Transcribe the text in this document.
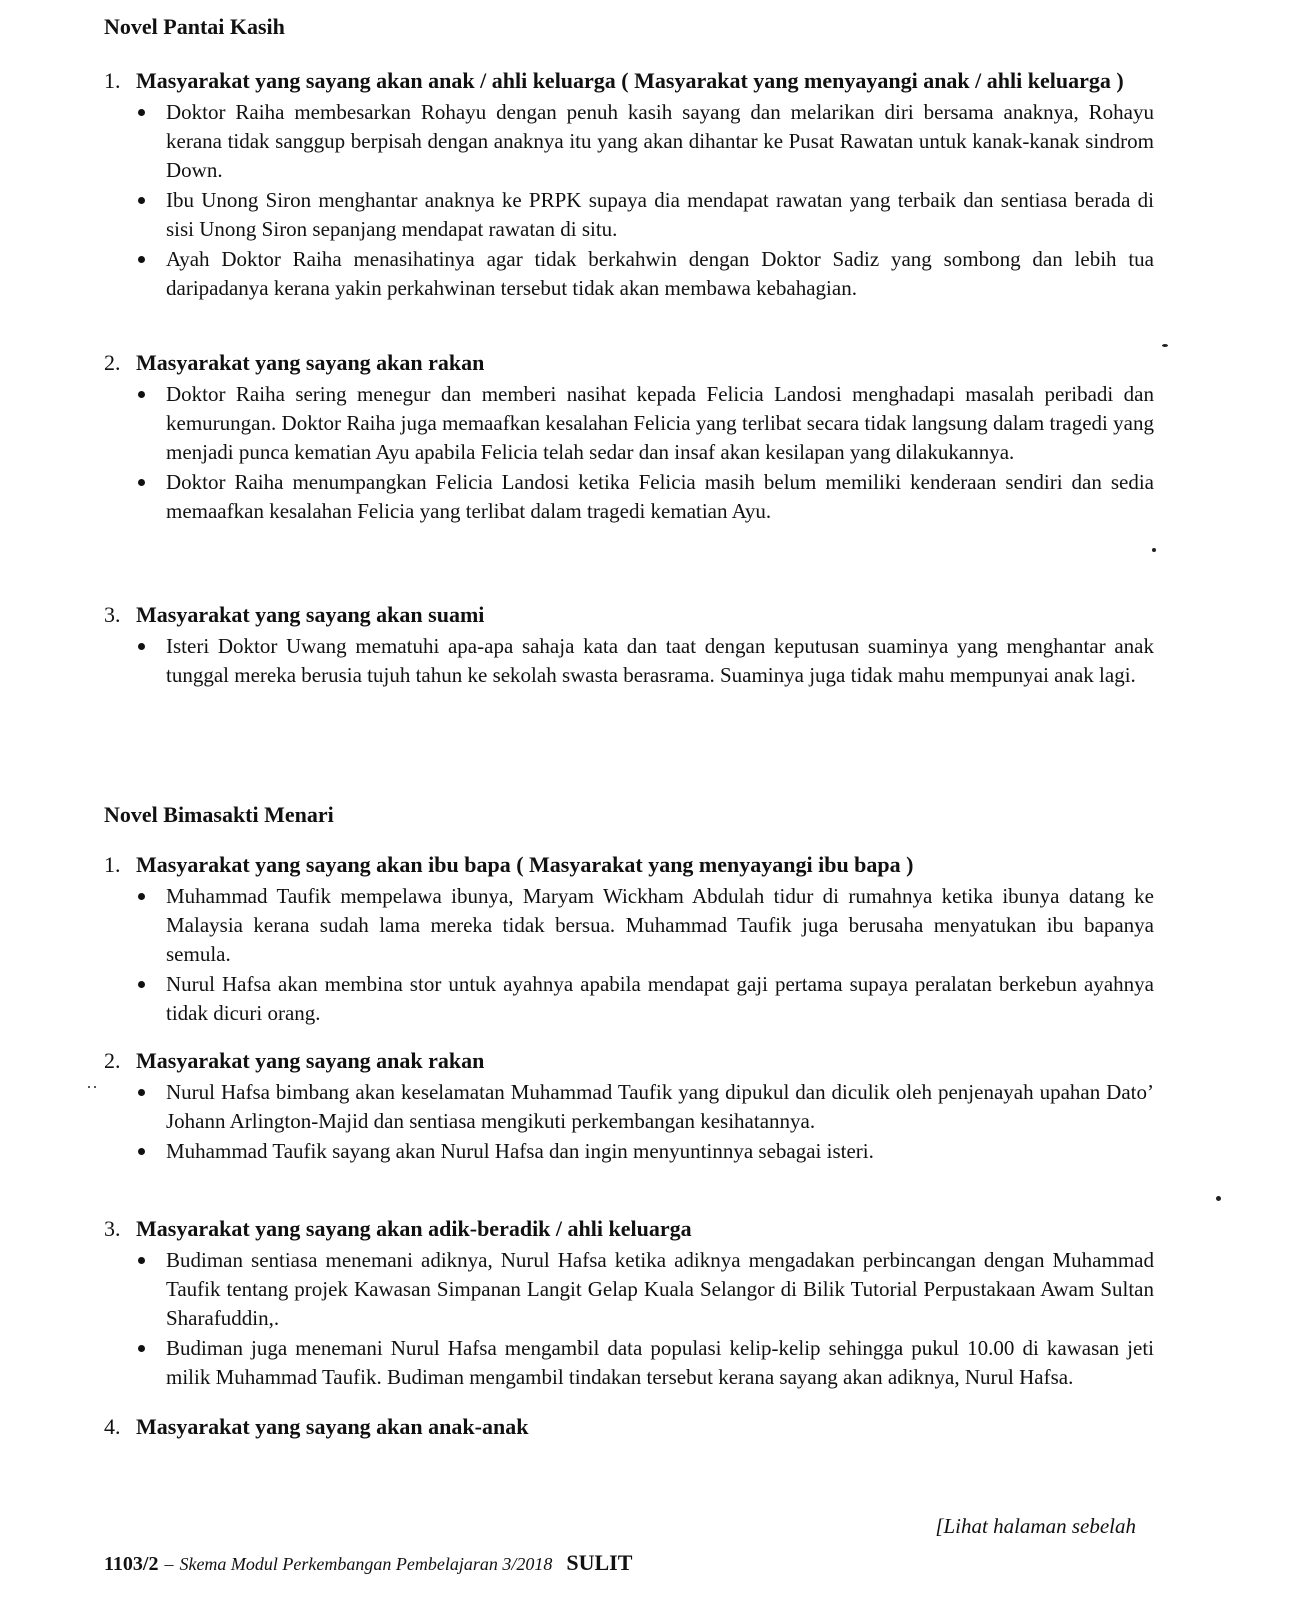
Novel Pantai Kasih
1. Masyarakat yang sayang akan anak / ahli keluarga ( Masyarakat yang menyayangi anak / ahli keluarga )
Doktor Raiha membesarkan Rohayu dengan penuh kasih sayang dan melarikan diri bersama anaknya, Rohayu kerana tidak sanggup berpisah dengan anaknya itu yang akan dihantar ke Pusat Rawatan untuk kanak-kanak sindrom Down.
Ibu Unong Siron menghantar anaknya ke PRPK supaya dia mendapat rawatan yang terbaik dan sentiasa berada di sisi Unong Siron sepanjang mendapat rawatan di situ.
Ayah Doktor Raiha menasihatinya agar tidak berkahwin dengan Doktor Sadiz yang sombong dan lebih tua daripadanya kerana yakin perkahwinan tersebut tidak akan membawa kebahagian.
2. Masyarakat yang sayang akan rakan
Doktor Raiha sering menegur dan memberi nasihat kepada Felicia Landosi menghadapi masalah peribadi dan kemurungan. Doktor Raiha juga memaafkan kesalahan Felicia yang terlibat secara tidak langsung dalam tragedi yang menjadi punca kematian Ayu apabila Felicia telah sedar dan insaf akan kesilapan yang dilakukannya.
Doktor Raiha menumpangkan Felicia Landosi ketika Felicia masih belum memiliki kenderaan sendiri dan sedia memaafkan kesalahan Felicia yang terlibat dalam tragedi kematian Ayu.
3. Masyarakat yang sayang akan suami
Isteri Doktor Uwang mematuhi apa-apa sahaja kata dan taat dengan keputusan suaminya yang menghantar anak tunggal mereka berusia tujuh tahun ke sekolah swasta berasrama. Suaminya juga tidak mahu mempunyai anak lagi.
Novel Bimasakti Menari
1. Masyarakat yang sayang akan ibu bapa ( Masyarakat yang menyayangi ibu bapa )
Muhammad Taufik mempelawa ibunya, Maryam Wickham Abdulah tidur di rumahnya ketika ibunya datang ke Malaysia kerana sudah lama mereka tidak bersua. Muhammad Taufik juga berusaha menyatukan ibu bapanya semula.
Nurul Hafsa akan membina stor untuk ayahnya apabila mendapat gaji pertama supaya peralatan berkebun ayahnya tidak dicuri orang.
2. Masyarakat yang sayang anak rakan
Nurul Hafsa bimbang akan keselamatan Muhammad Taufik yang dipukul dan diculik oleh penjenayah upahan Dato’ Johann Arlington-Majid dan sentiasa mengikuti perkembangan kesihatannya.
Muhammad Taufik sayang akan Nurul Hafsa dan ingin menyuntinnya sebagai isteri.
3. Masyarakat yang sayang akan adik-beradik / ahli keluarga
Budiman sentiasa menemani adiknya, Nurul Hafsa ketika adiknya mengadakan perbincangan dengan Muhammad Taufik tentang projek Kawasan Simpanan Langit Gelap Kuala Selangor di Bilik Tutorial Perpustakaan Awam Sultan Sharafuddin,.
Budiman juga menemani Nurul Hafsa mengambil data populasi kelip-kelip sehingga pukul 10.00 di kawasan jeti milik Muhammad Taufik. Budiman mengambil tindakan tersebut kerana sayang akan adiknya, Nurul Hafsa.
4. Masyarakat yang sayang akan anak-anak
[Lihat halaman sebelah
1103/2 – Skema Modul Perkembangan Pembelajaran 3/2018 SULIT
